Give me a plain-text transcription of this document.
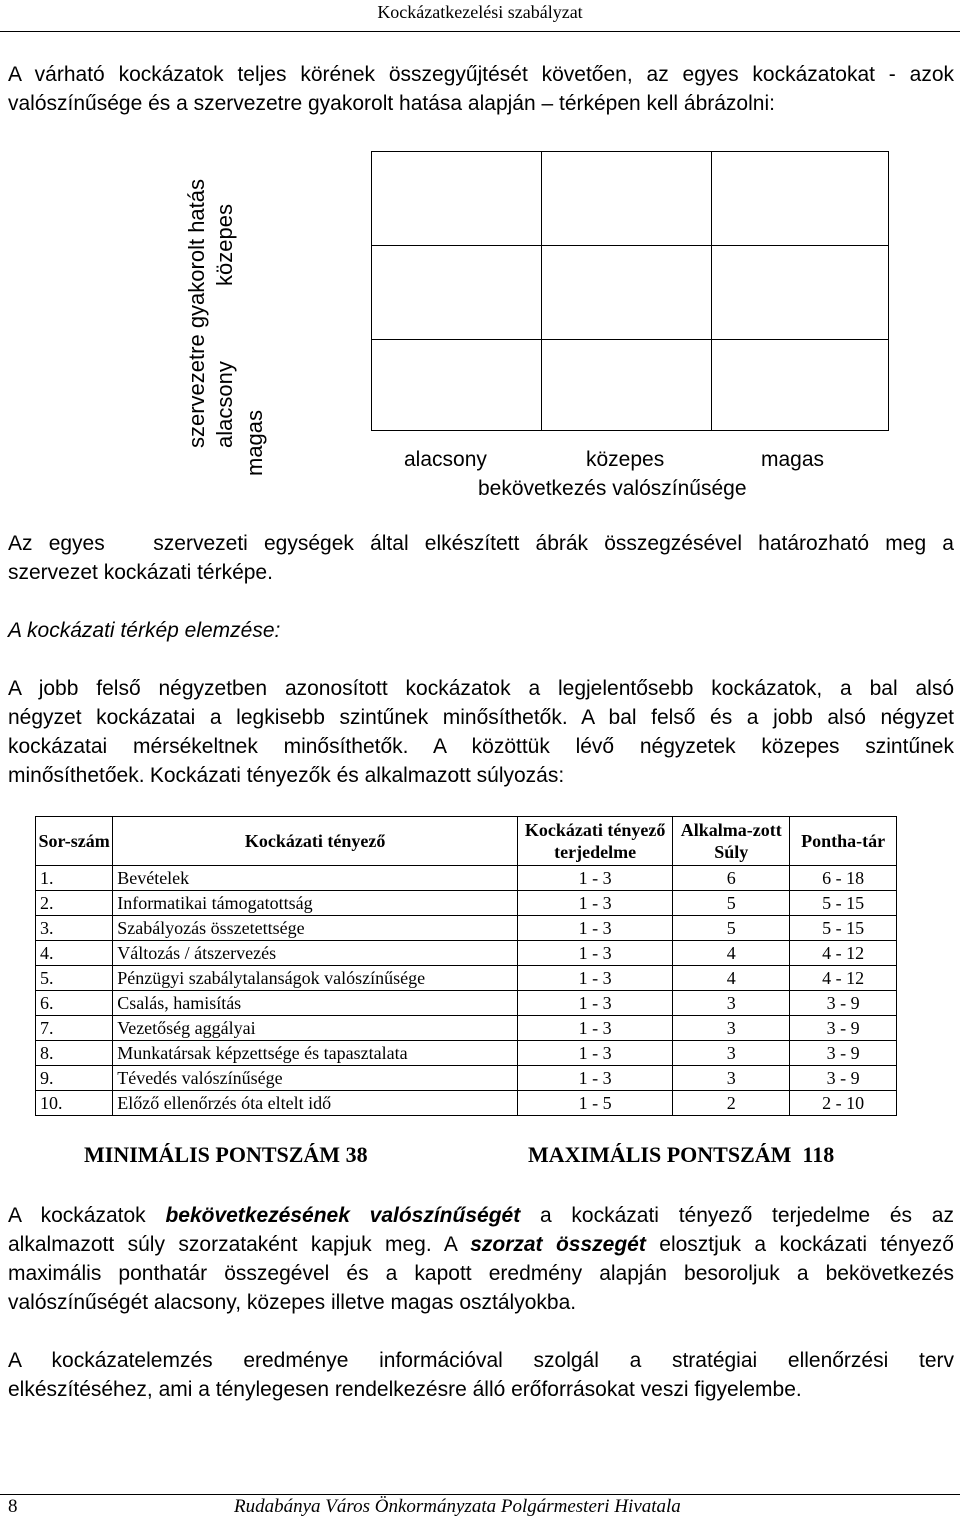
Kockázatkezelési szabályzat

A várható kockázatok teljes körének összegyűjtését követően, az egyes kockázatokat - azok

valószínűsége és a szervezetre gyakorolt hatása alapján – térképen kell ábrázolni:

szervezetre gyakorolt hatás alacsony
közepes
magas	alacsony	közepes	magas
bekövetkezés valószínűsége

Az egyes   szervezeti egységek által elkészített ábrák összegzésével határozható meg a

szervezet kockázati térképe.

A kockázati térkép elemzése:

A jobb felső négyzetben azonosított kockázatok a legjelentősebb kockázatok, a bal alsó

négyzet kockázatai a legkisebb szintűnek minősíthetők. A bal felső és a jobb alsó négyzet

kockázatai mérsékeltnek minősíthetők. A közöttük lévő négyzetek közepes szintűnek

minősíthetőek. Kockázati tényezők és alkalmazott súlyozás:

Sor-szám	Kockázati tényező	Kockázati tényező terjedelme	Alkalma-zott Súly	Pontha-tár
1.	Bevételek	1 - 3	6	6 - 18
2.	Informatikai támogatottság	1 - 3	5	5 - 15
3.	Szabályozás összetettsége	1 - 3	5	5 - 15
4.	Változás / átszervezés	1 - 3	4	4 - 12
5.	Pénzügyi szabálytalanságok valószínűsége	1 - 3	4	4 - 12
6.	Csalás, hamisítás	1 - 3	3	3 - 9
7.	Vezetőség aggályai	1 - 3	3	3 - 9
8.	Munkatársak képzettsége és tapasztalata	1 - 3	3	3 - 9
9.	Tévedés valószínűsége	1 - 3	3	3 - 9
10.	Előző ellenőrzés óta eltelt idő	1 - 5	2	2 - 10
MINIMÁLIS PONTSZÁM 38	MAXIMÁLIS PONTSZÁM 118

A kockázatok bekövetkezésének valószínűségét a kockázati tényező terjedelme és az

alkalmazott súly szorzataként kapjuk meg. A szorzat összegét elosztjuk a kockázati tényező

maximális ponthatár összegével és a kapott eredmény alapján besoroljuk a bekövetkezés

valószínűségét alacsony, közepes illetve magas osztályokba.

A kockázatelemzés eredménye információval szolgál a stratégiai ellenőrzési terv

elkészítéséhez, ami a ténylegesen rendelkezésre álló erőforrásokat veszi figyelembe.

8	Rudabánya Város Önkormányzata Polgármesteri Hivatala
